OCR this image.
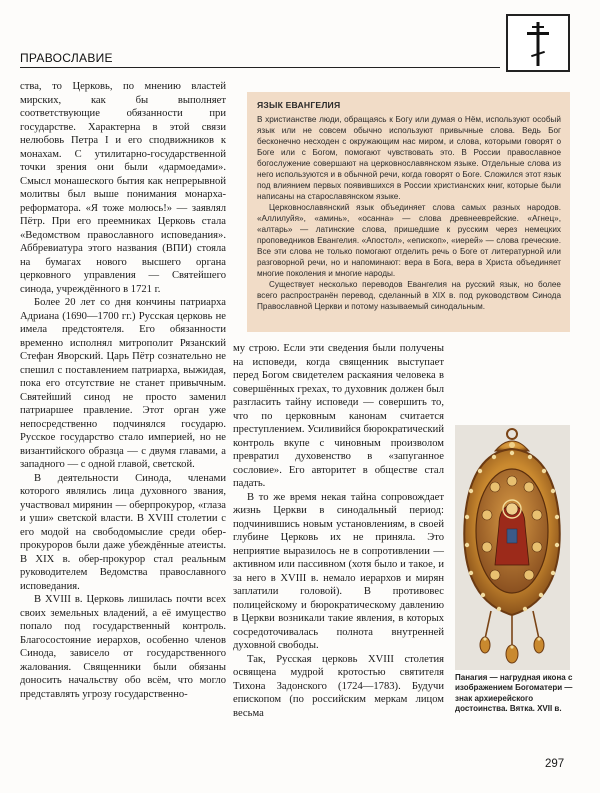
ПРАВОСЛАВИЕ

ства, то Церковь, по мнению властей мирских, как бы выполняет соответствующие обязанности при государстве. Характерна в этой связи нелюбовь Петра I и его сподвижников к монахам. С утилитарно-государственной точки зрения они были «дармоедами». Смысл монашеского бытия как непрерывной молитвы был выше понимания монарха-реформатора. «Я тоже молюсь!» — заявлял Пётр. При его преемниках Церковь стала «Ведомством православного исповедания». Аббревиатура этого названия (ВПИ) стояла на бумагах нового высшего органа церковного управления — Святейшего синода, учреждённого в 1721 г.

Более 20 лет со дня кончины патриарха Адриана (1690—1700 гг.) Русская церковь не имела предстоятеля. Его обязанности временно исполнял митрополит Рязанский Стефан Яворский. Царь Пётр сознательно не спешил с поставлением патриарха, выжидая, пока его отсутствие не станет привычным. Святейший синод не просто заменил патриаршее правление. Этот орган уже непосредственно подчинялся государю. Русское государство стало империей, но не византийского образца — с двумя главами, а западного — с одной главой, светской.

В деятельности Синода, членами которого являлись лица духовного звания, участвовал мирянин — оберпрокурор, «глаза и уши» светской власти. В XVIII столетии с его модой на свободомыслие среди обер-прокуроров были даже убеждённые атеисты. В XIX в. обер-прокурор стал реальным руководителем Ведомства православного исповедания.

В XVIII в. Церковь лишилась почти всех своих земельных владений, а её имущество попало под государственный контроль. Благосостояние иерархов, особенно членов Синода, зависело от государственного жалования. Священники были обязаны доносить начальству обо всём, что могло представлять угрозу государственно-

ЯЗЫК ЕВАНГЕЛИЯ

В христианстве люди, обращаясь к Богу или думая о Нём, используют особый язык или не совсем обычно используют привычные слова. Ведь Бог бесконечно несходен с окружающим нас миром, и слова, которыми говорят о Боге или с Богом, помогают чувствовать это. В России православное богослужение совершают на церковнославянском языке. Отдельные слова из него используются и в обычной речи, когда говорят о Боге. Сложился этот язык под влиянием первых появившихся в России христианских книг, которые были написаны на старославянском языке.

Церковнославянский язык объединяет слова самых разных народов. «Аллилуйя», «аминь», «осанна» — слова древнееврейские. «Агнец», «алтарь» — латинские слова, пришедшие к русским через немецких проповедников Евангелия. «Апостол», «епископ», «иерей» — слова греческие. Все эти слова не только помогают отделить речь о Боге от литературной или разговорной речи, но и напоминают: вера в Бога, вера в Христа объединяет многие поколения и многие народы.

Существует несколько переводов Евангелия на русский язык, но более всего распространён перевод, сделанный в XIX в. под руководством Синода Православной Церкви и потому называемый синодальным.

му строю. Если эти сведения были получены на исповеди, когда священник выступает перед Богом свидетелем раскаяния человека в совершённых грехах, то духовник должен был разгласить тайну исповеди — совершить то, что по церковным канонам считается преступлением. Усиливийся бюрократический контроль вкупе с чиновным произволом превратил духовенство в «запуганное сословие». Его авторитет в обществе стал падать.

В то же время некая тайна сопровождает жизнь Церкви в синодальный период: подчинившись новым установлениям, в своей глубине Церковь их не приняла. Это неприятие выразилось не в сопротивлении — активном или пассивном (хотя было и такое, и за него в XVIII в. немало иерархов и мирян заплатили головой). В противовес полицейскому и бюрократическому давлению в Церкви возникали такие явления, в которых сосредоточивалась полнота внутренней духовной свободы.

Так, Русская церковь XVIII столетия освящена мудрой кротостью святителя Тихона Задонского (1724—1783). Будучи епископом (по российским меркам лицом весьма

Панагия — нагрудная икона с изображением Богоматери — знак архиерейского достоинства. Вятка. XVII в.
297
